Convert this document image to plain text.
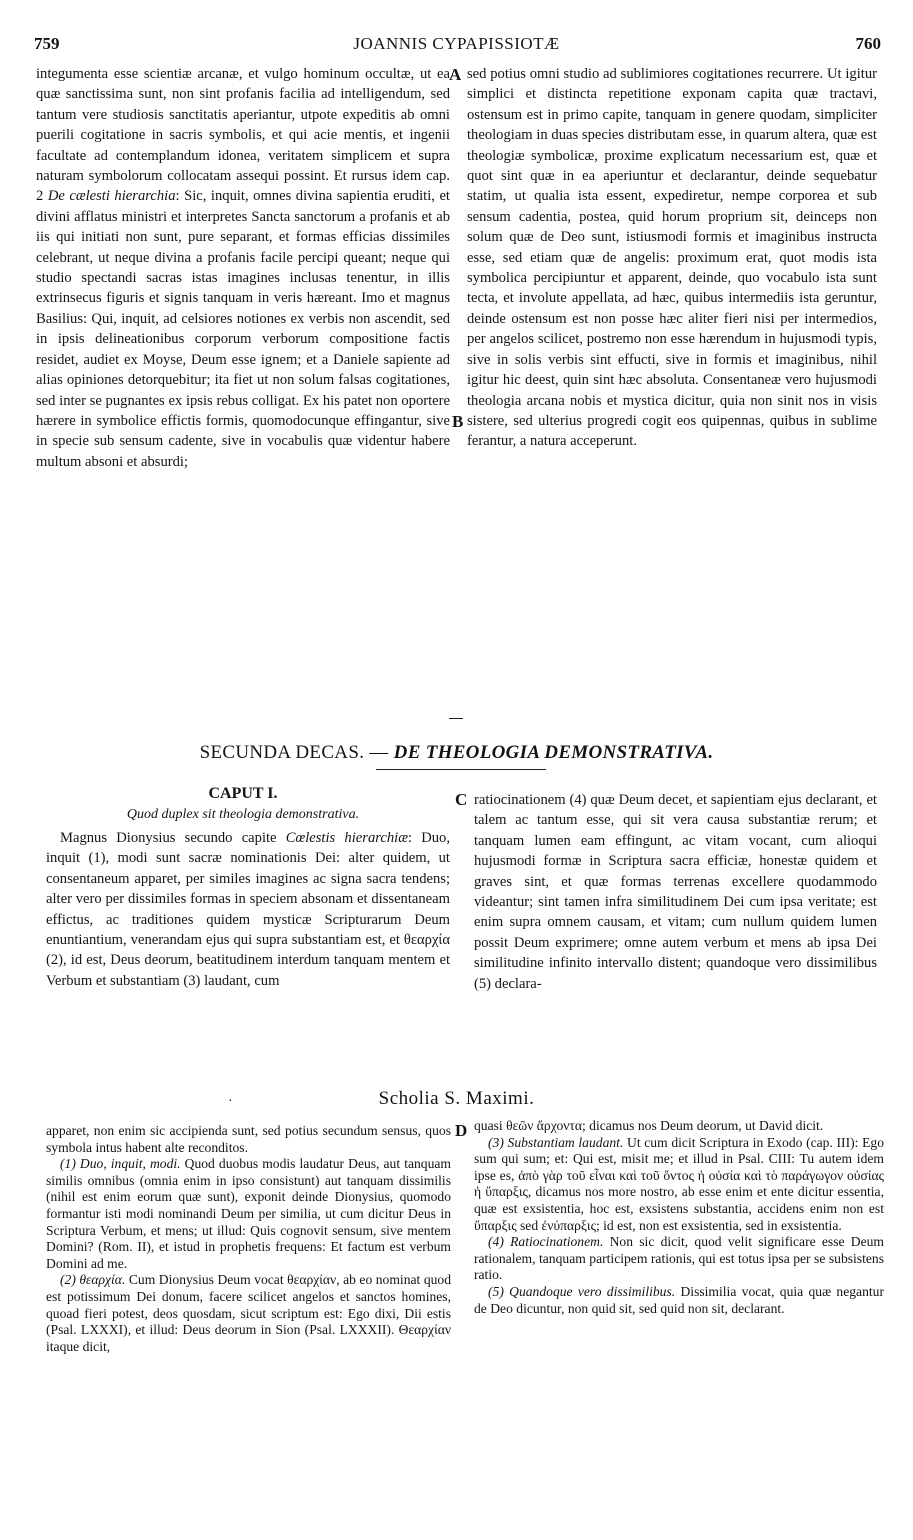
759	JOANNIS CYPAPISSIOTÆ	760

integumenta esse scientiæ arcanæ, et vulgo hominum occultæ, ut ea quæ sanctissima sunt, non sint profanis facilia ad intelligendum, sed tantum vere studiosis sanctitatis aperiantur, utpote expeditis ab omni puerili cogitatione in sacris symbolis, et qui acie mentis, et ingenii facultate ad contemplandum idonea, veritatem simplicem et supra naturam symbolorum collocatam assequi possint. Et rursus idem cap. 2 De cælesti hierarchia: Sic, inquit, omnes divina sapientia eruditi, et divini afflatus ministri et interpretes Sancta sanctorum a profanis et ab iis qui initiati non sunt, pure separant, et formas efficias dissimiles celebrant, ut neque divina a profanis facile percipi queant; neque qui studio spectandi sacras istas imagines inclusas tenentur, in illis extrinsecus figuris et signis tanquam in veris hæreant. Imo et magnus Basilius: Qui, inquit, ad celsiores notiones ex verbis non ascendit, sed in ipsis delineationibus corporum verborum compositione factis residet, audiet ex Moyse, Deum esse ignem; et a Daniele sapiente ad alias opiniones detorquebitur; ita fiet ut non solum falsas cogitationes, sed inter se pugnantes ex ipsis rebus colligat. Ex his patet non oportere hærere in symbolice effictis formis, quomodocunque effingantur, sive in specie sub sensum cadente, sive in vocabulis quæ videntur habere multum absoni et absurdi;

A
B

sed potius omni studio ad sublimiores cogitationes recurrere. Ut igitur simplici et distincta repetitione exponam capita quæ tractavi, ostensum est in primo capite, tanquam in genere quodam, simpliciter theologiam in duas species distributam esse, in quarum altera, quæ est theologiæ symbolicæ, proxime explicatum necessarium est, quæ et quot sint quæ in ea aperiuntur et declarantur, deinde sequebatur statim, ut qualia ista essent, expediretur, nempe corporea et sub sensum cadentia, postea, quid horum proprium sit, deinceps non solum quæ de Deo sunt, istiusmodi formis et imaginibus instructa esse, sed etiam quæ de angelis: proximum erat, quot modis ista symbolica percipiuntur et apparent, deinde, quo vocabulo ista sunt tecta, et involute appellata, ad hæc, quibus intermediis ista geruntur, deinde ostensum est non posse hæc aliter fieri nisi per intermedios, per angelos scilicet, postremo non esse hærendum in hujusmodi typis, sive in solis verbis sint effucti, sive in formis et imaginibus, nihil igitur hic deest, quin sint hæc absoluta. Consentaneæ vero hujusmodi theologia arcana nobis et mystica dicitur, quia non sinit nos in visis sistere, sed ulterius progredi cogit eos quipennas, quibus in sublime ferantur, a natura acceperunt.

SECUNDA DECAS. — DE THEOLOGIA DEMONSTRATIVA.
CAPUT I.
Quod duplex sit theologia demonstrativa.

Magnus Dionysius secundo capite Cœlestis hierarchiæ: Duo, inquit (1), modi sunt sacræ nominationis Dei: alter quidem, ut consentaneum apparet, per similes imagines ac signa sacra tendens; alter vero per dissimiles formas in speciem absonam et dissentaneam effictus, ac traditiones quidem mysticæ Scripturarum Deum enuntiantium, venerandam ejus qui supra substantiam est, et θεαρχία (2), id est, Deus deorum, beatitudinem interdum tanquam mentem et Verbum et substantiam (3) laudant, cum

C ratiocinationem (4) quæ Deum decet, et sapientiam ejus declarant, et talem ac tantum esse, qui sit vera causa substantiæ rerum; et tanquam lumen eam effingunt, ac vitam vocant, cum alioqui hujusmodi formæ in Scriptura sacra efficiæ, honestæ quidem et graves sint, et quæ formas terrenas excellere quodammodo videantur; sint tamen infra similitudinem Dei cum ipsa veritate; est enim supra omnem causam, et vitam; cum nullum quidem lumen possit Deum exprimere; omne autem verbum et mens ab ipsa Dei similitudine infinito intervallo distent; quandoque vero dissimilibus (5) declara-

·	Scholia S. Maximi.

apparet, non enim sic accipienda sunt, sed potius secundum sensus, quos symbola intus habent alte reconditos.

(1) Duo, inquit, modi. Quod duobus modis laudatur Deus, aut tanquam similis omnibus (omnia enim in ipso consistunt) aut tanquam dissimilis (nihil est enim eorum quæ sunt), exponit deinde Dionysius, quomodo formantur isti modi nominandi Deum per similia, ut cum dicitur Deus in Scriptura Verbum, et mens; ut illud: Quis cognovit sensum, sive mentem Domini? (Rom. II), et istud in prophetis frequens: Et factum est verbum Domini ad me.

(2) θεαρχία. Cum Dionysius Deum vocat θεαρχίαν, ab eo nominat quod est potissimum Dei donum, facere scilicet angelos et sanctos homines, quoad fieri potest, deos quosdam, sicut scriptum est: Ego dixi, Dii estis (Psal. LXXXI), et illud: Deus deorum in Sion (Psal. LXXXII). Θεαρχίαν itaque dicit,

D quasi θεῶν ἄρχοντα; dicamus nos Deum deorum, ut David dicit.

(3) Substantiam laudant. Ut cum dicit Scriptura in Exodo (cap. III): Ego sum qui sum; et: Qui est, misit me; et illud in Psal. CIII: Tu autem idem ipse es, ἀπὸ γὰρ τοῦ εἶναι καὶ τοῦ ὄντος ἡ οὐσία καὶ τὸ παράγωγον οὐσίας ἡ ὕπαρξις, dicamus nos more nostro, ab esse enim et ente dicitur essentia, quæ est exsistentia, hoc est, exsistens substantia, accidens enim non est ὕπαρξις sed ἐνύπαρξις; id est, non est exsistentia, sed in exsistentia.

(4) Ratiocinationem. Non sic dicit, quod velit significare esse Deum rationalem, tanquam participem rationis, qui est totus ipsa per se subsistens ratio.

(5) Quandoque vero dissimilibus. Dissimilia vocat, quia quæ negantur de Deo dicuntur, non quid sit, sed quid non sit, declarant.
